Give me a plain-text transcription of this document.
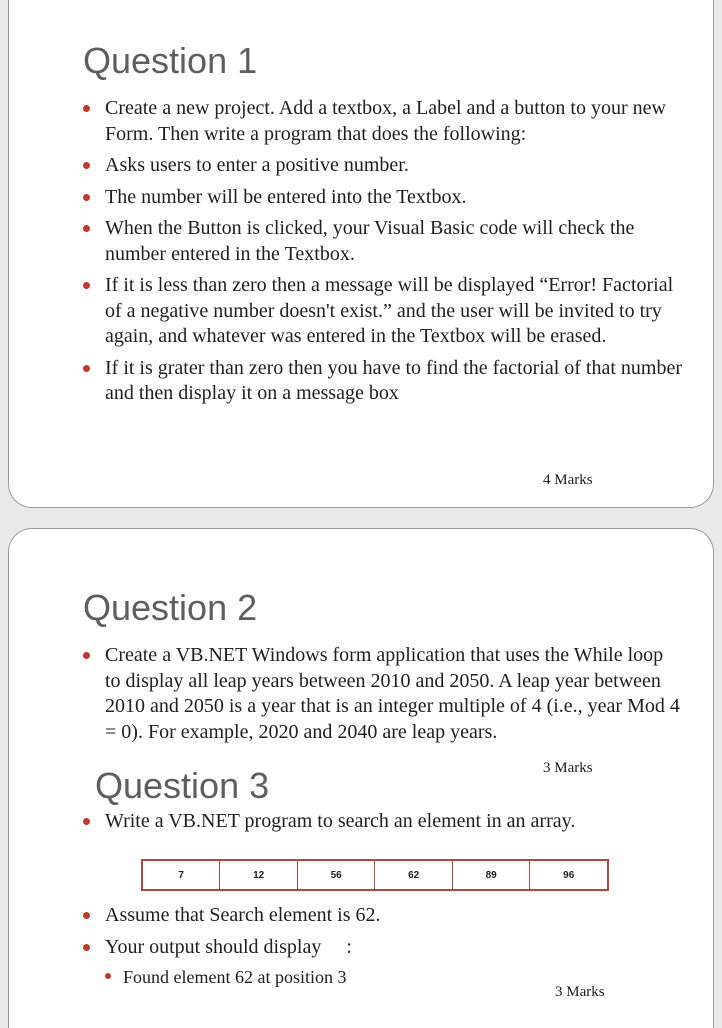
Question 1
Create a new project. Add a textbox, a Label and a button to your new Form. Then write a program that does the following:
Asks users to enter a positive number.
The number will be entered into the Textbox.
When the Button is clicked, your Visual Basic code will check the number entered in the Textbox.
If it is less than zero then a message will be displayed “Error! Factorial of a negative number doesn't exist.” and the user will be invited to try again, and whatever was entered in the Textbox will be erased.
If it is grater than zero then you have to find the factorial of that number and then display it on a message box
4 Marks
Question 2
Create a VB.NET Windows form application that uses the While loop to display all leap years between 2010 and 2050. A leap year between 2010 and 2050 is a year that is an integer multiple of 4 (i.e., year Mod 4 = 0). For example, 2020 and 2040 are leap years.
3 Marks
Question 3
Write a VB.NET program to search an element in an array.
7	12	56	62	89	96
Assume that Search element is 62.
Your output should display     :
Found element 62 at position 3
3 Marks
